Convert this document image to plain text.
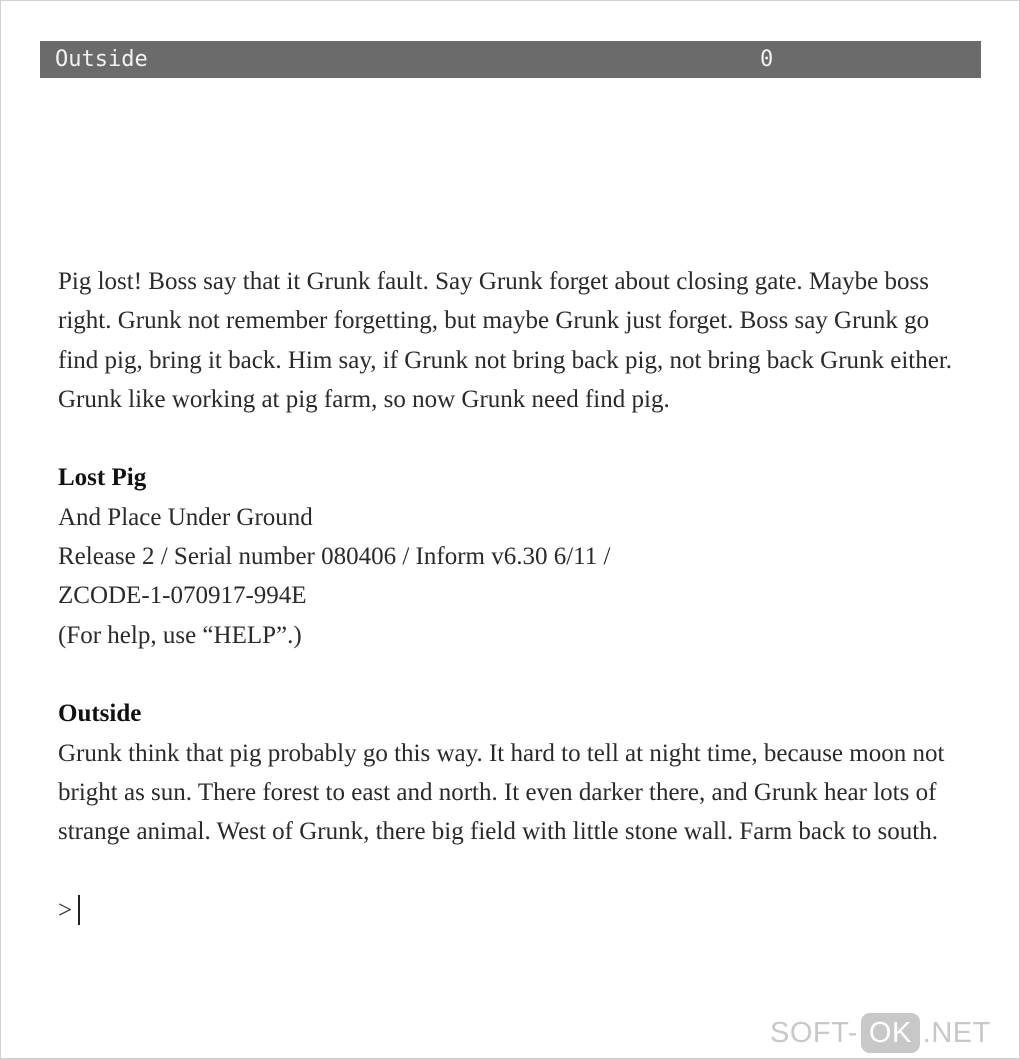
Outside	0

Pig lost! Boss say that it Grunk fault. Say Grunk forget about closing gate. Maybe boss right. Grunk not remember forgetting, but maybe Grunk just forget. Boss say Grunk go find pig, bring it back. Him say, if Grunk not bring back pig, not bring back Grunk either. Grunk like working at pig farm, so now Grunk need find pig.

Lost Pig

And Place Under Ground

Release 2 / Serial number 080406 / Inform v6.30 6/11 /

ZCODE-1-070917-994E

(For help, use “HELP”.)

Outside

Grunk think that pig probably go this way. It hard to tell at night time, because moon not bright as sun. There forest to east and north. It even darker there, and Grunk hear lots of strange animal. West of Grunk, there big field with little stone wall. Farm back to south.

>
SOFT- OK .NET
